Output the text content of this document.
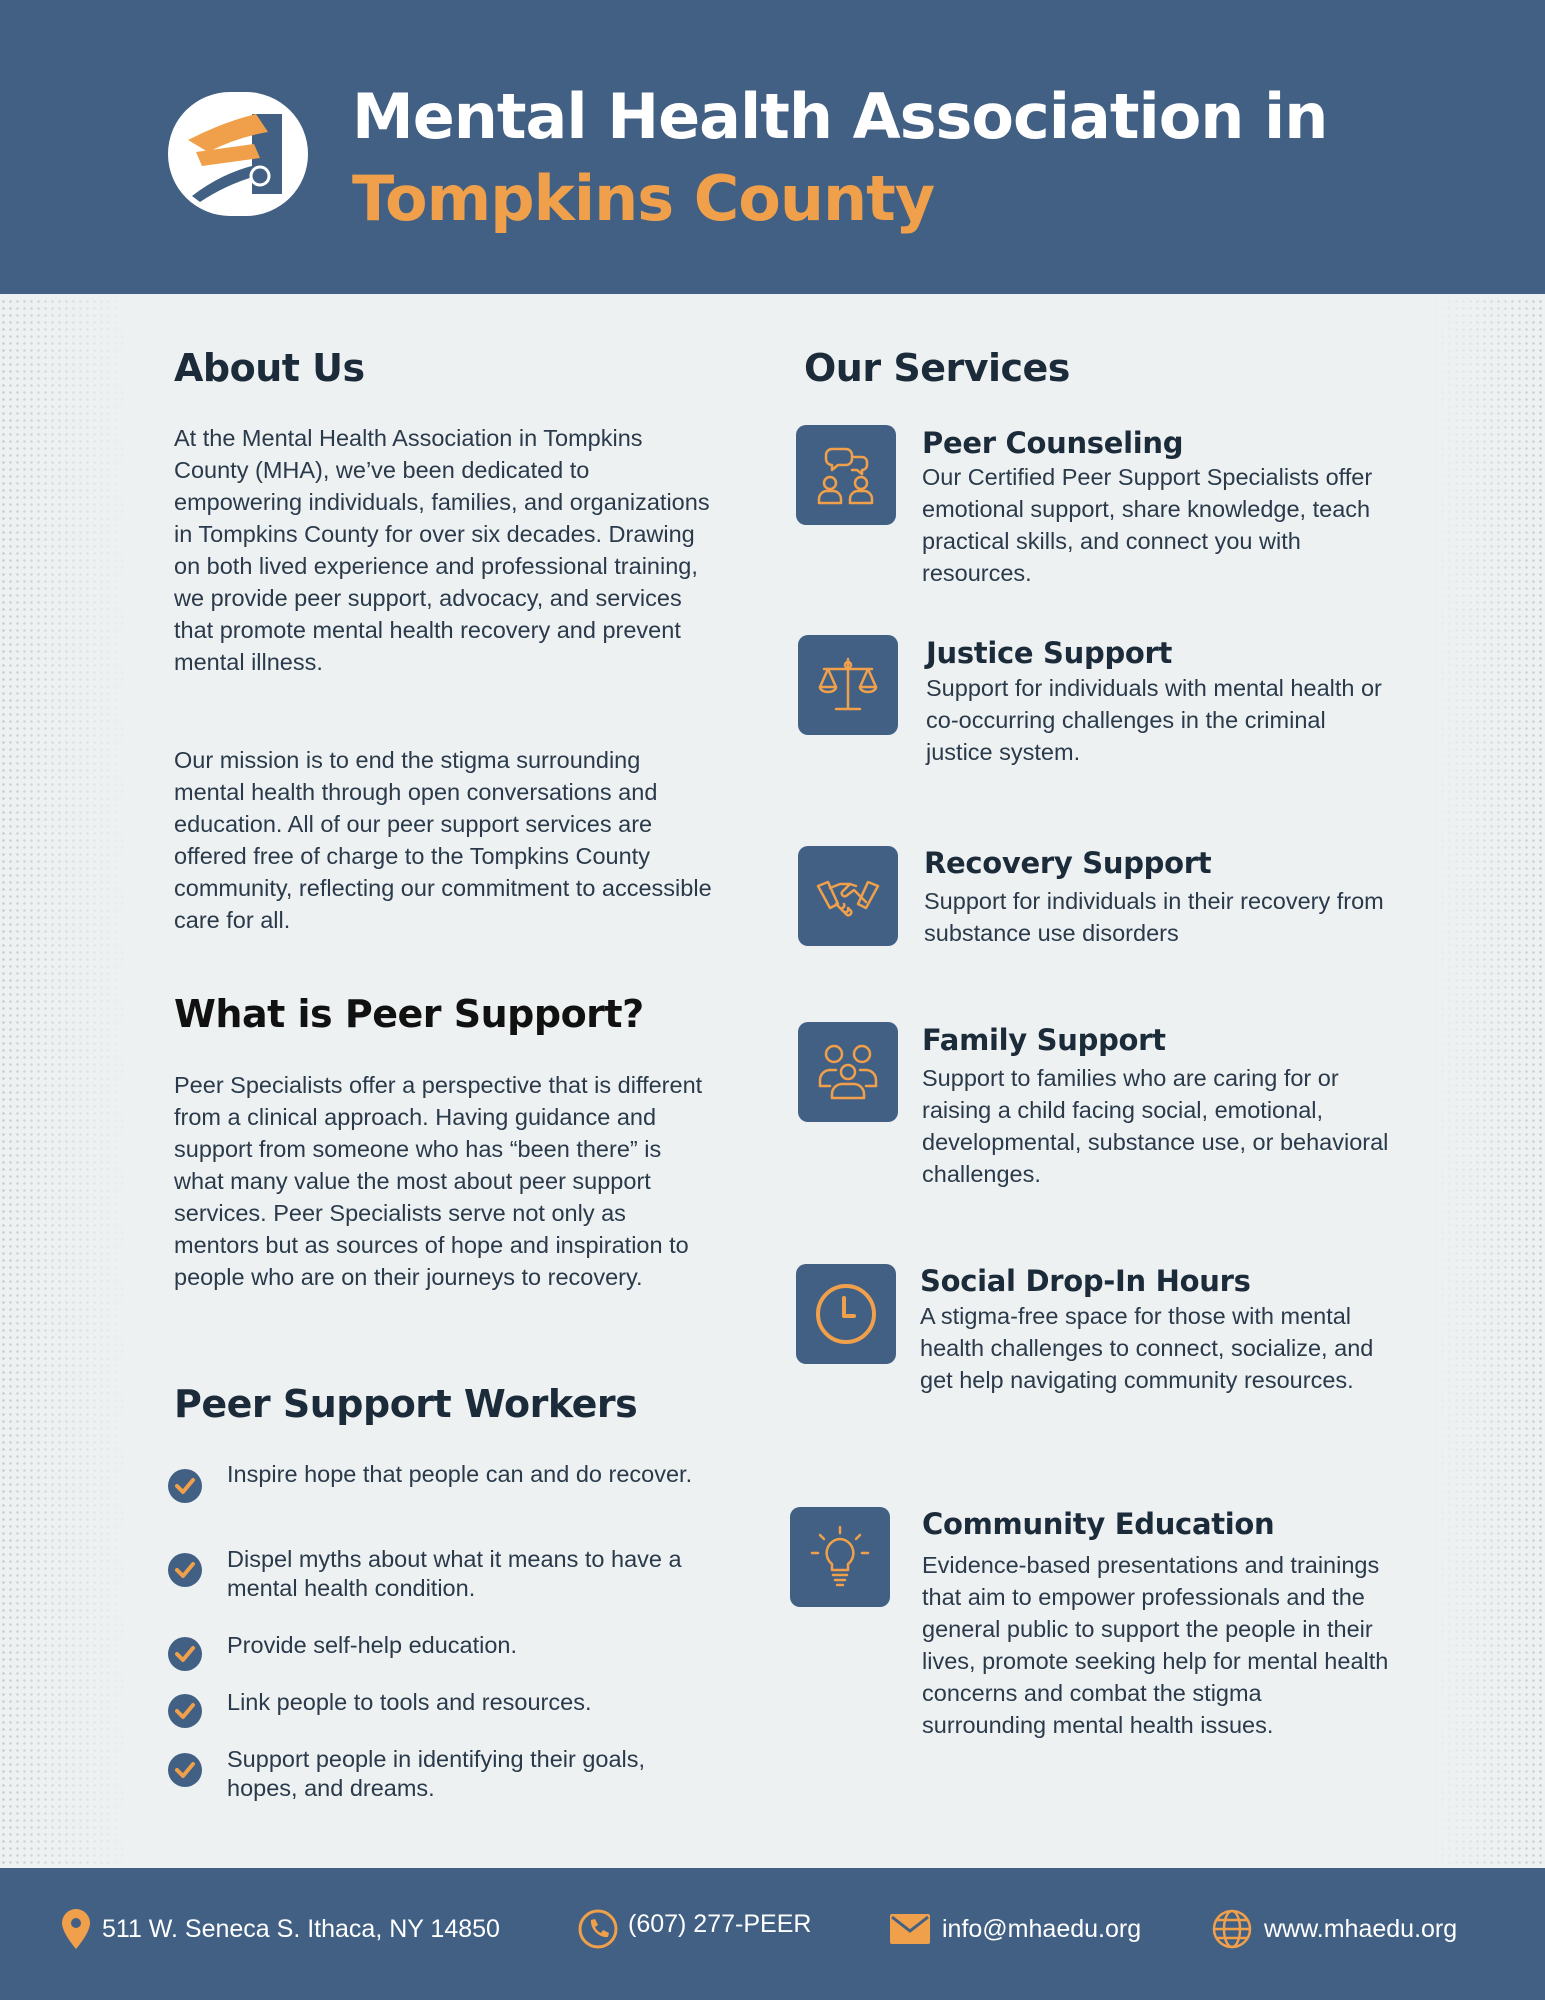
Mental Health Association in
Tompkins County
About Us
At the Mental Health Association in Tompkins County (MHA), we’ve been dedicated to empowering individuals, families, and organizations in Tompkins County for over six decades. Drawing on both lived experience and professional training, we provide peer support, advocacy, and services that promote mental health recovery and prevent mental illness.
Our mission is to end the stigma surrounding mental health through open conversations and education. All of our peer support services are offered free of charge to the Tompkins County community, reflecting our commitment to accessible care for all.
What is Peer Support?
Peer Specialists offer a perspective that is different from a clinical approach. Having guidance and support from someone who has “been there” is what many value the most about peer support services. Peer Specialists serve not only as mentors but as sources of hope and inspiration to people who are on their journeys to recovery.
Peer Support Workers
Inspire hope that people can and do recover.
Dispel myths about what it means to have a mental health condition.
Provide self-help education.
Link people to tools and resources.
Support people in identifying their goals, hopes, and dreams.
Our Services
Peer Counseling
Our Certified Peer Support Specialists offer emotional support, share knowledge, teach practical skills, and connect you with resources.
Justice Support
Support for individuals with mental health or co-occurring challenges in the criminal justice system.
Recovery Support
Support for individuals in their recovery from substance use disorders
Family Support
Support to families who are caring for or raising a child facing social, emotional, developmental, substance use, or behavioral challenges.
Social Drop-In Hours
A stigma-free space for those with mental health challenges to connect, socialize, and get help navigating community resources.
Community Education
Evidence-based presentations and trainings that aim to empower professionals and the general public to support the people in their lives, promote seeking help for mental health concerns and combat the stigma surrounding mental health issues.
511 W. Seneca S. Ithaca, NY 14850	(607) 277-PEER	info@mhaedu.org	www.mhaedu.org
